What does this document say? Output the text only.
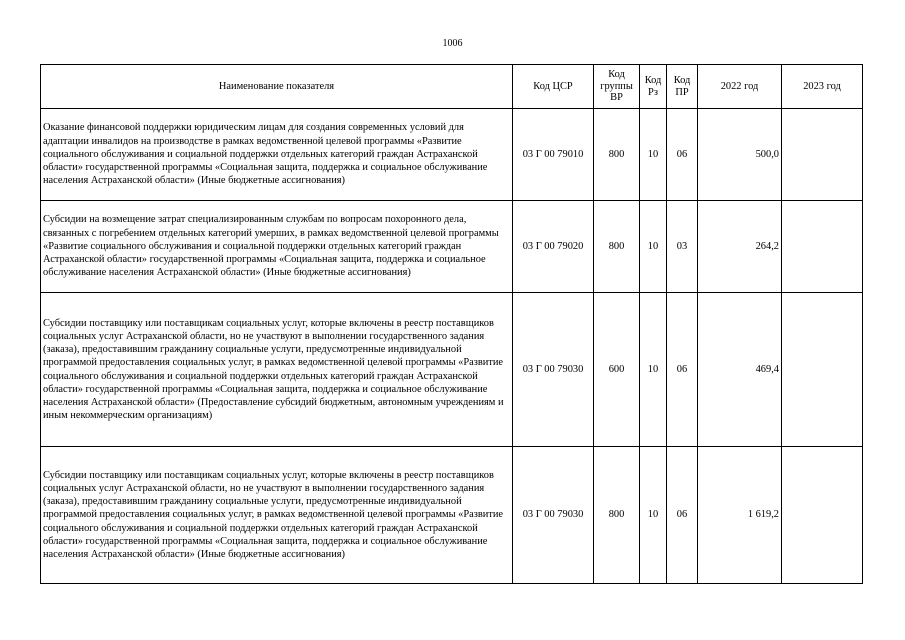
1006
Наименование показателя	Код ЦСР	Код группы ВР	Код Рз	Код ПР	2022 год	2023 год
Оказание финансовой поддержки юридическим лицам для создания современных условий для адаптации инвалидов на производстве в рамках ведомственной целевой программы «Развитие социального обслуживания и социальной поддержки отдельных категорий граждан Астраханской области» государственной программы «Социальная защита, поддержка и социальное обслуживание населения Астраханской области» (Иные бюджетные ассигнования)	03 Г 00 79010	800	10	06	500,0	
Субсидии на возмещение затрат специализированным службам по вопросам похоронного дела, связанных с погребением отдельных категорий умерших, в рамках ведомственной целевой программы «Развитие социального обслуживания и социальной поддержки отдельных категорий граждан Астраханской области» государственной программы «Социальная защита, поддержка и социальное обслуживание населения Астраханской области» (Иные бюджетные ассигнования)	03 Г 00 79020	800	10	03	264,2	
Субсидии поставщику или поставщикам социальных услуг, которые включены в реестр поставщиков социальных услуг Астраханской области, но не участвуют в выполнении государственного задания (заказа), предоставившим гражданину социальные услуги, предусмотренные индивидуальной программой предоставления социальных услуг, в рамках ведомственной целевой программы «Развитие социального обслуживания и социальной поддержки отдельных категорий граждан Астраханской области» государственной программы «Социальная защита, поддержка и социальное обслуживание населения Астраханской области» (Предоставление субсидий бюджетным, автономным учреждениям и иным некоммерческим организациям)	03 Г 00 79030	600	10	06	469,4	
Субсидии поставщику или поставщикам социальных услуг, которые включены в реестр поставщиков социальных услуг Астраханской области, но не участвуют в выполнении государственного задания (заказа), предоставившим гражданину социальные услуги, предусмотренные индивидуальной программой предоставления социальных услуг, в рамках ведомственной целевой программы «Развитие социального обслуживания и социальной поддержки отдельных категорий граждан Астраханской области» государственной программы «Социальная защита, поддержка и социальное обслуживание населения Астраханской области» (Иные бюджетные ассигнования)	03 Г 00 79030	800	10	06	1 619,2	
